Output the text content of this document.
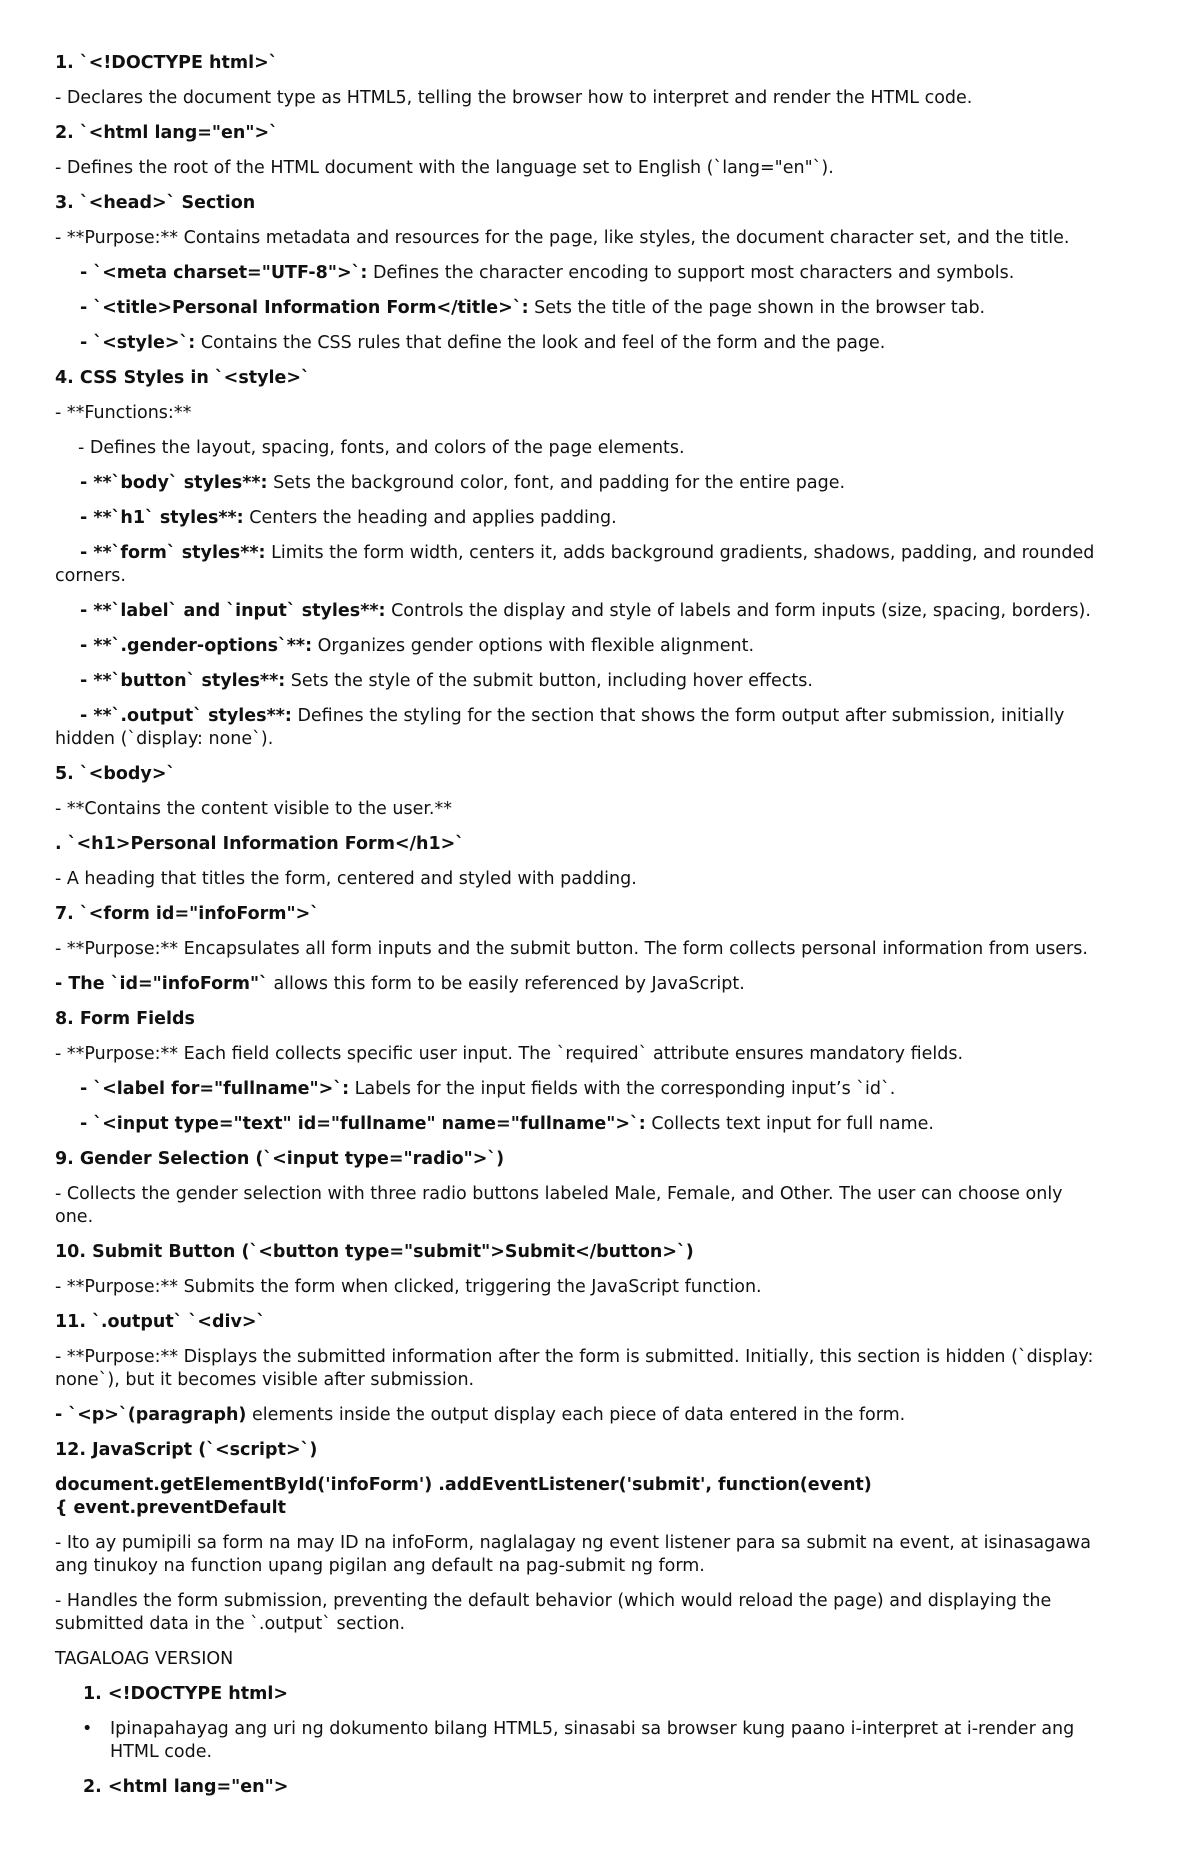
1. `<!DOCTYPE html>`

- Declares the document type as HTML5, telling the browser how to interpret and render the HTML code.

2. `<html lang="en">`

- Defines the root of the HTML document with the language set to English (`lang="en"`).

3. `<head>` Section

- **Purpose:** Contains metadata and resources for the page, like styles, the document character set, and the title.

- `<meta charset="UTF-8">`: Defines the character encoding to support most characters and symbols.

- `<title>Personal Information Form</title>`: Sets the title of the page shown in the browser tab.

- `<style>`: Contains the CSS rules that define the look and feel of the form and the page.

4. CSS Styles in `<style>`

- **Functions:**

- Defines the layout, spacing, fonts, and colors of the page elements.

- **`body` styles**: Sets the background color, font, and padding for the entire page.

- **`h1` styles**: Centers the heading and applies padding.

- **`form` styles**: Limits the form width, centers it, adds background gradients, shadows, padding, and rounded
corners.

- **`label` and `input` styles**: Controls the display and style of labels and form inputs (size, spacing, borders).

- **`.gender-options`**: Organizes gender options with flexible alignment.

- **`button` styles**: Sets the style of the submit button, including hover effects.

- **`.output` styles**: Defines the styling for the section that shows the form output after submission, initially
hidden (`display: none`).

5. `<body>`

- **Contains the content visible to the user.**

. `<h1>Personal Information Form</h1>`

- A heading that titles the form, centered and styled with padding.

7. `<form id="infoForm">`

- **Purpose:** Encapsulates all form inputs and the submit button. The form collects personal information from users.

- The `id="infoForm"` allows this form to be easily referenced by JavaScript.

8. Form Fields

- **Purpose:** Each field collects specific user input. The `required` attribute ensures mandatory fields.

- `<label for="fullname">`: Labels for the input fields with the corresponding input’s `id`.

- `<input type="text" id="fullname" name="fullname">`: Collects text input for full name.

9. Gender Selection (`<input type="radio">`)

- Collects the gender selection with three radio buttons labeled Male, Female, and Other. The user can choose only
one.

10. Submit Button (`<button type="submit">Submit</button>`)

- **Purpose:** Submits the form when clicked, triggering the JavaScript function.

11. `.output` `<div>`

- **Purpose:** Displays the submitted information after the form is submitted. Initially, this section is hidden (`display:
none`), but it becomes visible after submission.

- `<p>`(paragraph) elements inside the output display each piece of data entered in the form.

12. JavaScript (`<script>`)

document.getElementById('infoForm') .addEventListener('submit', function(event)
{ event.preventDefault

- Ito ay pumipili sa form na may ID na infoForm, naglalagay ng event listener para sa submit na event, at isinasagawa
ang tinukoy na function upang pigilan ang default na pag-submit ng form.

- Handles the form submission, preventing the default behavior (which would reload the page) and displaying the
submitted data in the `.output` section.

TAGALOAG VERSION

1. <!DOCTYPE html>

• Ipinapahayag ang uri ng dokumento bilang HTML5, sinasabi sa browser kung paano i-interpret at i-render ang
HTML code.

2. <html lang="en">
